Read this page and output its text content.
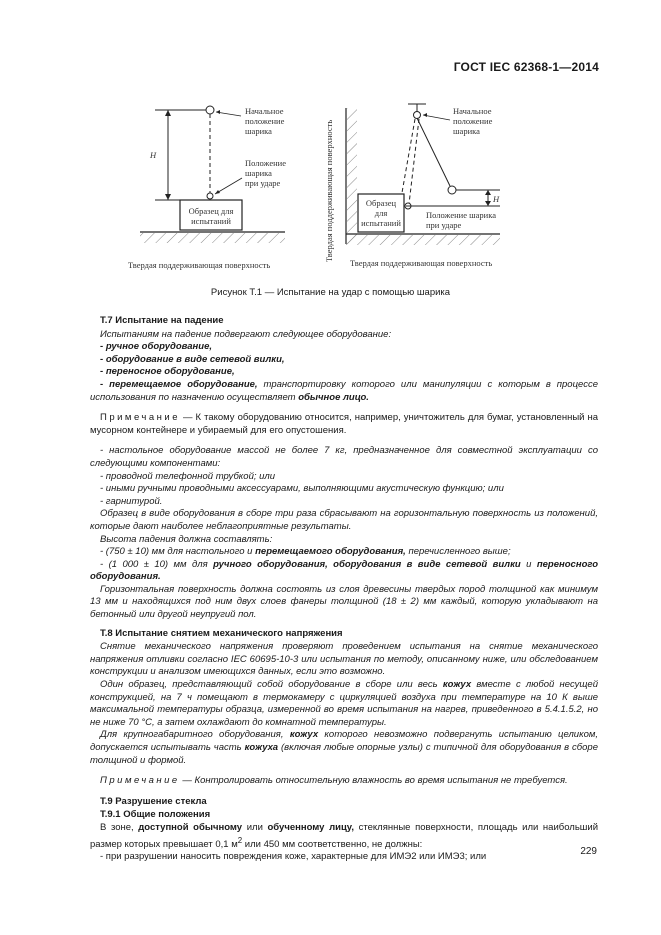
ГОСТ IEC 62368-1—2014
H
Образец для
испытаний
Начальное
положение
шарика
Положение
шарика
при ударе
Твердая поддерживающая поверхность
Твердая поддерживающая поверхность	H
Образец
для
испытаний
Начальное
положение
шарика
Положение шарика
при ударе
Твердая поддерживающая поверхность
Рисунок Т.1 — Испытание на удар с помощью шарика

Т.7 Испытание на падение

Испытаниям на падение подвергают следующее оборудование:

- ручное оборудование,

- оборудование в виде сетевой вилки,

- переносное оборудование,

- перемещаемое оборудование, транспортировку которого или манипуляции с которым в процессе использования по назначению осуществляет обычное лицо.

Примечание — К такому оборудованию относится, например, уничтожитель для бумаг, установленный на мусорном контейнере и убираемый для его опустошения.

- настольное оборудование массой не более 7 кг, предназначенное для совместной эксплуатации со следующими компонентами:

- проводной телефонной трубкой; или

- иными ручными проводными аксессуарами, выполняющими акустическую функцию; или

- гарнитурой.

Образец в виде оборудования в сборе три раза сбрасывают на горизонтальную поверхность из положений, которые дают наиболее неблагоприятные результаты.

Высота падения должна составлять:

- (750 ± 10) мм для настольного и перемещаемого оборудования, перечисленного выше;

- (1 000 ± 10) мм для ручного оборудования, оборудования в виде сетевой вилки и переносного оборудования.

Горизонтальная поверхность должна состоять из слоя древесины твердых пород толщиной как минимум 13 мм и находящихся под ним двух слоев фанеры толщиной (18 ± 2) мм каждый, которую укладывают на бетонный или другой неупругий пол.

Т.8 Испытание снятием механического напряжения

Снятие механического напряжения проверяют проведением испытания на снятие механического напряжения отливки согласно IEC 60695-10-3 или испытания по методу, описанному ниже, или обследованием конструкции и анализом имеющихся данных, если это возможно.

Один образец, представляющий собой оборудование в сборе или весь кожух вместе с любой несущей конструкцией, на 7 ч помещают в термокамеру с циркуляцией воздуха при температуре на 10 К выше максимальной температуры образца, измеренной во время испытания на нагрев, приведенного в 5.4.1.5.2, но не ниже 70 °С, а затем охлаждают до комнатной температуры.

Для крупногабаритного оборудования, кожух которого невозможно подвергнуть испытанию целиком, допускается испытывать часть кожуха (включая любые опорные узлы) с типичной для оборудования в сборе толщиной и формой.

Примечание — Контролировать относительную влажность во время испытания не требуется.

Т.9 Разрушение стекла

Т.9.1 Общие положения

В зоне, доступной обычному или обученному лицу, стеклянные поверхности, площадь или наибольший размер которых превышает 0,1 $м^2$ или 450 мм соответственно, не должны:

- при разрушении наносить повреждения коже, характерные для ИМЭ2 или ИМЭ3; или	229
